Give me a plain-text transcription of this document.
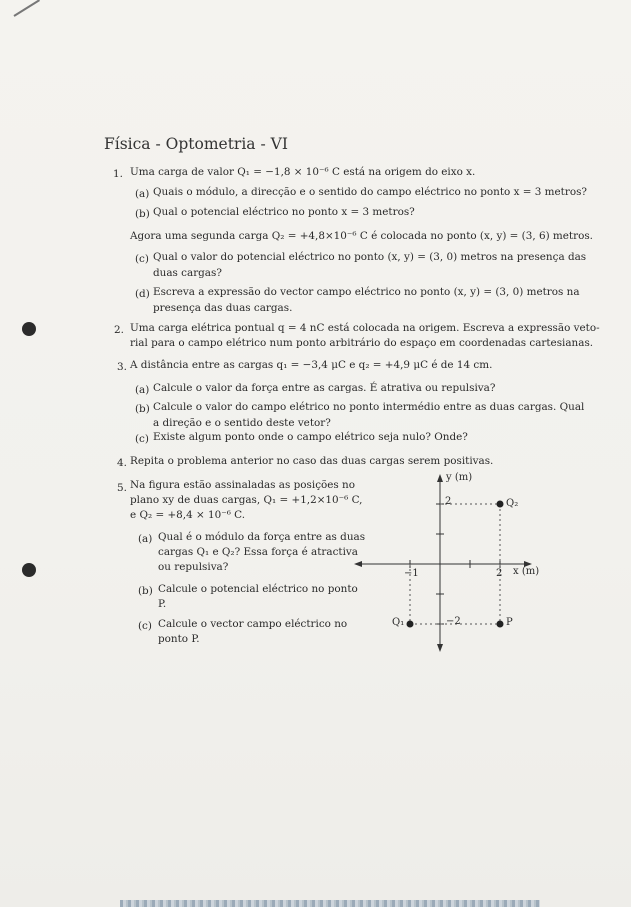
Física - Optometria - VI
1. Uma carga de valor Q₁ = −1,8 × 10⁻⁶ C está na origem do eixo x.
(a) Quais o módulo, a direcção e o sentido do campo eléctrico no ponto x = 3 metros?
(b) Qual o potencial eléctrico no ponto x = 3 metros?
Agora uma segunda carga Q₂ = +4,8×10⁻⁶ C é colocada no ponto (x, y) = (3, 6) metros.
(c) Qual o valor do potencial eléctrico no ponto (x, y) = (3, 0) metros na presença das
duas cargas?
(d) Escreva a expressão do vector campo eléctrico no ponto (x, y) = (3, 0) metros na
presença das duas cargas.
2. Uma carga elétrica pontual q = 4 nC está colocada na origem. Escreva a expressão veto-
rial para o campo elétrico num ponto arbitrário do espaço em coordenadas cartesianas.
3. A distância entre as cargas q₁ = −3,4 μC e q₂ = +4,9 μC é de 14 cm.
(a) Calcule o valor da força entre as cargas. É atrativa ou repulsiva?
(b) Calcule o valor do campo elétrico no ponto intermédio entre as duas cargas. Qual
a direção e o sentido deste vetor?
(c) Existe algum ponto onde o campo elétrico seja nulo? Onde?
4. Repita o problema anterior no caso das duas cargas serem positivas.
5. Na figura estão assinaladas as posições no
plano xy de duas cargas, Q₁ = +1,2×10⁻⁶ C,
e Q₂ = +8,4 × 10⁻⁶ C.
(a) Qual é o módulo da força entre as duas
cargas Q₁ e Q₂? Essa força é atractiva
ou repulsiva?
(b) Calcule o potencial eléctrico no ponto
P.
(c) Calcule o vector campo eléctrico no
ponto P.
y (m)
x (m)
2
−2
−1	2
Q₂
Q₁	P
